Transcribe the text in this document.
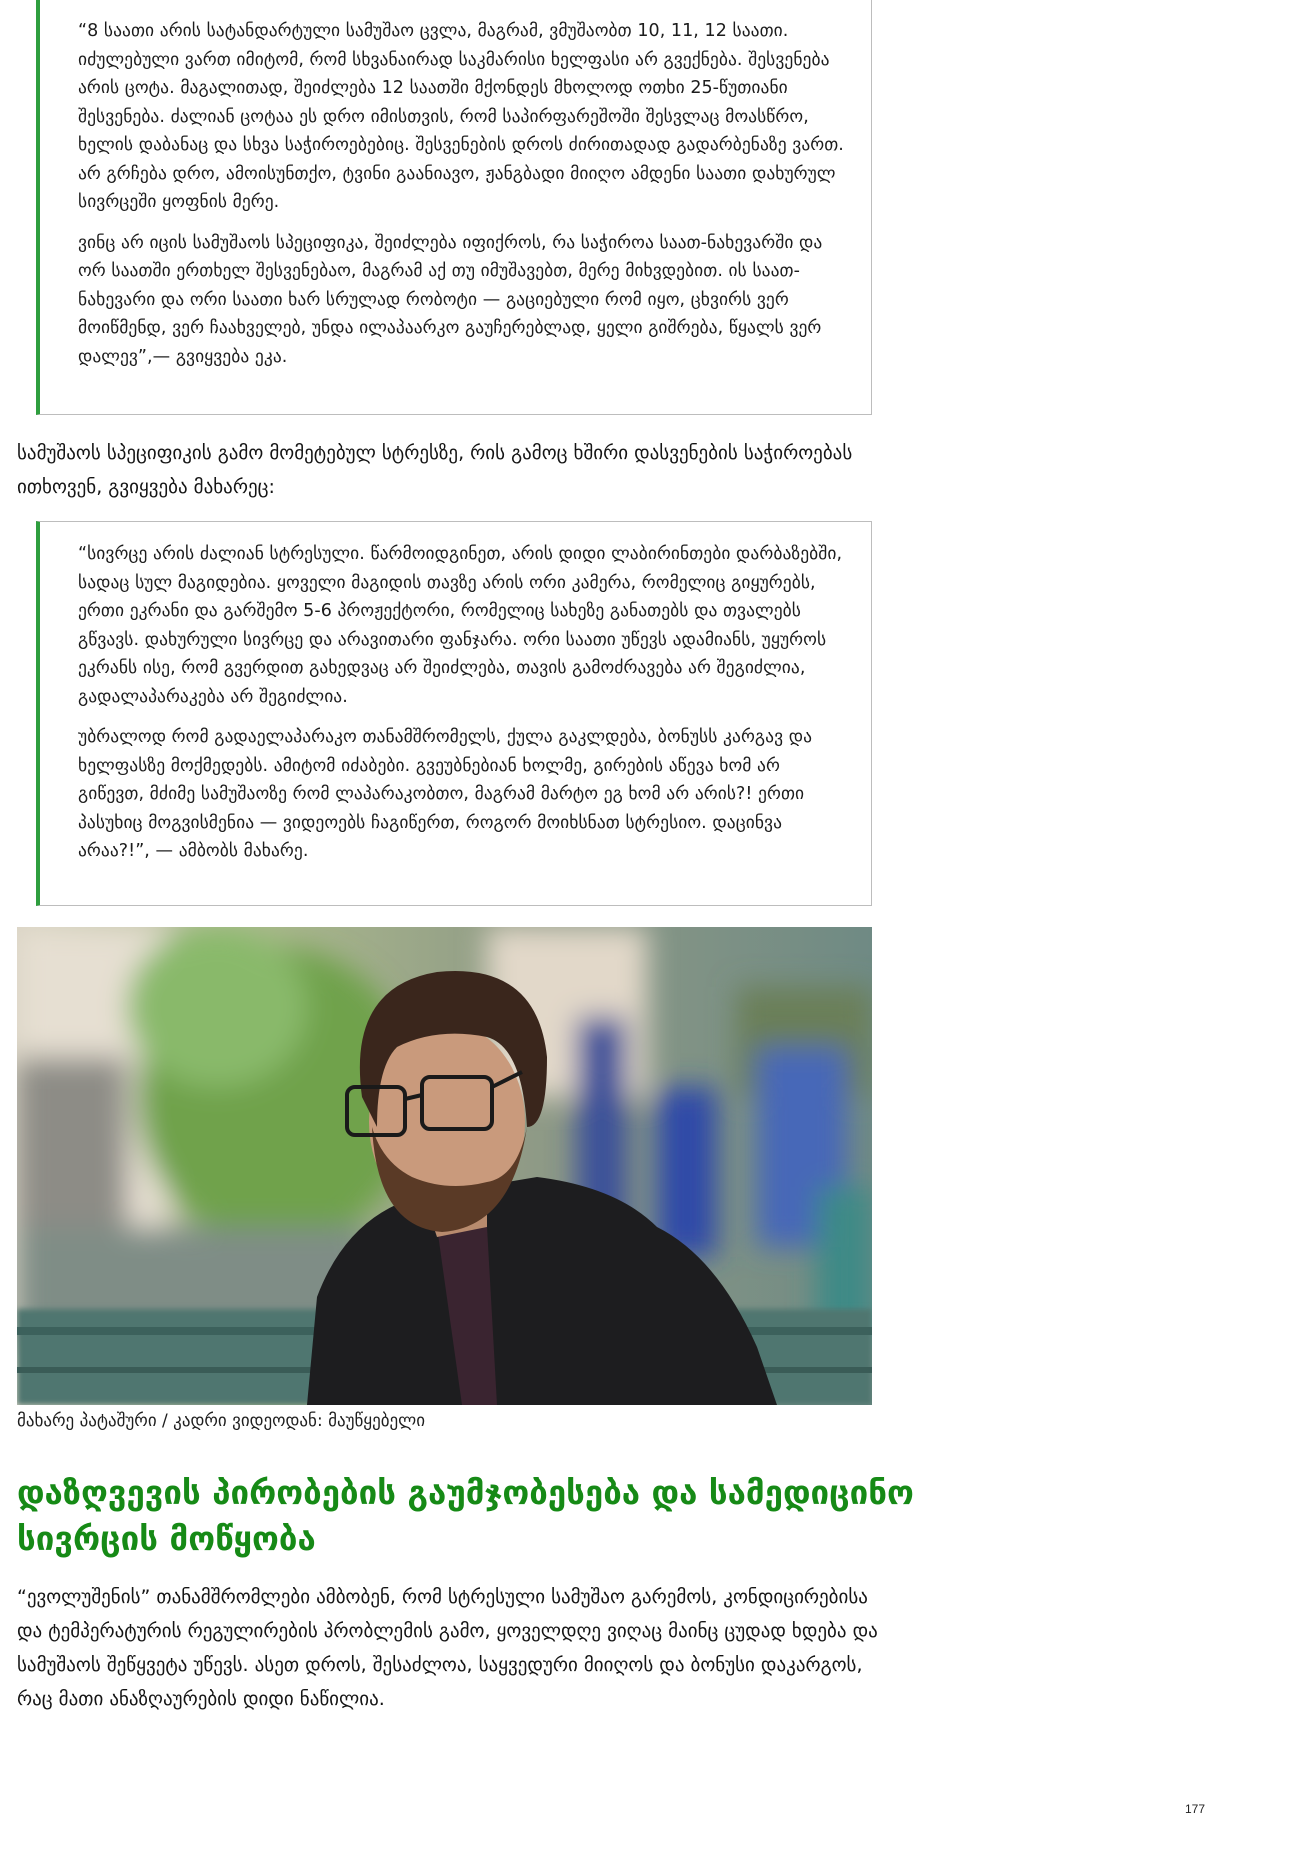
“8 საათი არის სატანდარტული სამუშაო ცვლა, მაგრამ, ვმუშაობთ 10, 11, 12 საათი. იძულებული ვართ იმიტომ, რომ სხვანაირად საკმარისი ხელფასი არ გვექნება. შესვენება არის ცოტა. მაგალითად, შეიძლება 12 საათში მქონდეს მხოლოდ ოთხი 25-წუთიანი შესვენება. ძალიან ცოტაა ეს დრო იმისთვის, რომ საპირფარეშოში შესვლაც მოასწრო, ხელის დაბანაც და სხვა საჭიროებებიც. შესვენების დროს ძირითადად გადარბენაზე ვართ. არ გრჩება დრო, ამოისუნთქო, ტვინი გაანიავო, ჟანგბადი მიიღო ამდენი საათი დახურულ სივრცეში ყოფნის მერე.

ვინც არ იცის სამუშაოს სპეციფიკა, შეიძლება იფიქროს, რა საჭიროა საათ-ნახევარში და ორ საათში ერთხელ შესვენებაო, მაგრამ აქ თუ იმუშავებთ, მერე მიხვდებით. ის საათ-ნახევარი და ორი საათი ხარ სრულად რობოტი — გაციებული რომ იყო, ცხვირს ვერ მოიწმენდ, ვერ ჩაახველებ, უნდა ილაპაარკო გაუჩერებლად, ყელი გიშრება, წყალს ვერ დალევ”,— გვიყვება ეკა.

სამუშაოს სპეციფიკის გამო მომეტებულ სტრესზე, რის გამოც ხშირი დასვენების საჭიროებას ითხოვენ, გვიყვება მახარეც:

“სივრცე არის ძალიან სტრესული. წარმოიდგინეთ, არის დიდი ლაბირინთები დარბაზებში, სადაც სულ მაგიდებია. ყოველი მაგიდის თავზე არის ორი კამერა, რომელიც გიყურებს, ერთი ეკრანი და გარშემო 5-6 პროჟექტორი, რომელიც სახეზე განათებს და თვალებს გწვავს. დახურული სივრცე და არავითარი ფანჯარა. ორი საათი უწევს ადამიანს, უყუროს ეკრანს ისე, რომ გვერდით გახედვაც არ შეიძლება, თავის გამოძრავება არ შეგიძლია, გადალაპარაკება არ შეგიძლია.

უბრალოდ რომ გადაელაპარაკო თანამშრომელს, ქულა გაკლდება, ბონუსს კარგავ და ხელფასზე მოქმედებს. ამიტომ იძაბები. გვეუბნებიან ხოლმე, გირების აწევა ხომ არ გიწევთ, მძიმე სამუშაოზე რომ ლაპარაკობთო, მაგრამ მარტო ეგ ხომ არ არის?! ერთი პასუხიც მოგვისმენია — ვიდეოებს ჩაგიწერთ, როგორ მოიხსნათ სტრესიო. დაცინვა არაა?!”, — ამბობს მახარე.

მახარე პატაშური / კადრი ვიდეოდან: მაუწყებელი

დაზღვევის პირობების გაუმჯობესება და სამედიცინო სივრცის მოწყობა

“ევოლუშენის” თანამშრომლები ამბობენ, რომ სტრესული სამუშაო გარემოს, კონდიცირებისა და ტემპერატურის რეგულირების პრობლემის გამო, ყოველდღე ვიღაც მაინც ცუდად ხდება და სამუშაოს შეწყვეტა უწევს. ასეთ დროს, შესაძლოა, საყვედური მიიღოს და ბონუსი დაკარგოს, რაც მათი ანაზღაურების დიდი ნაწილია.

177
